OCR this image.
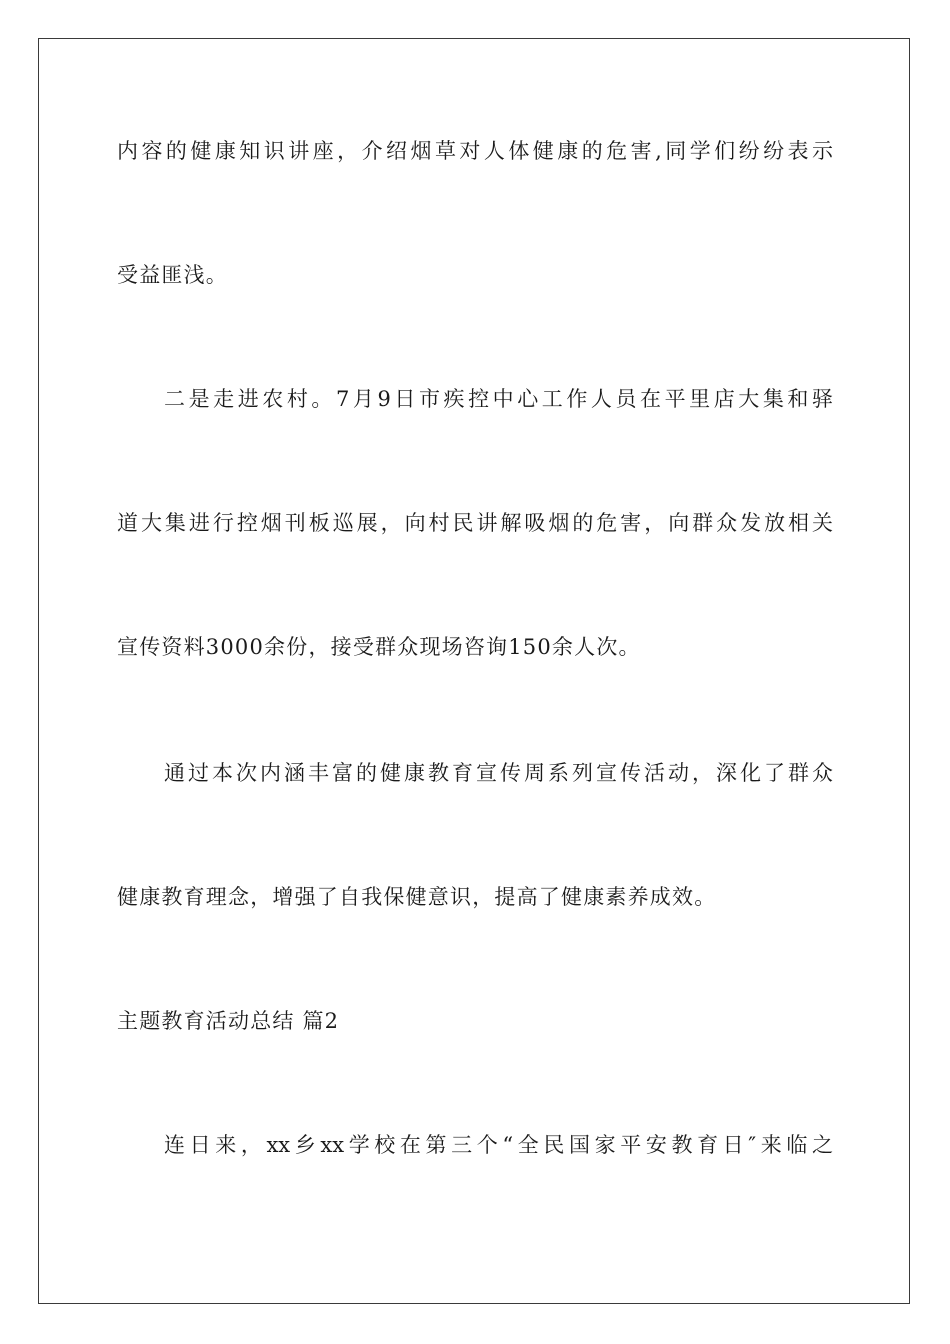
内容的健康知识讲座，介绍烟草对人体健康的危害,同学们纷纷表示
受益匪浅。
二是走进农村。7月9日市疾控中心工作人员在平里店大集和驿
道大集进行控烟刊板巡展，向村民讲解吸烟的危害，向群众发放相关
宣传资料3000余份，接受群众现场咨询150余人次。
通过本次内涵丰富的健康教育宣传周系列宣传活动，深化了群众
健康教育理念，增强了自我保健意识，提高了健康素养成效。
主题教育活动总结 篇2
连日来，xx乡xx学校在第三个“全民国家平安教育日″来临之
